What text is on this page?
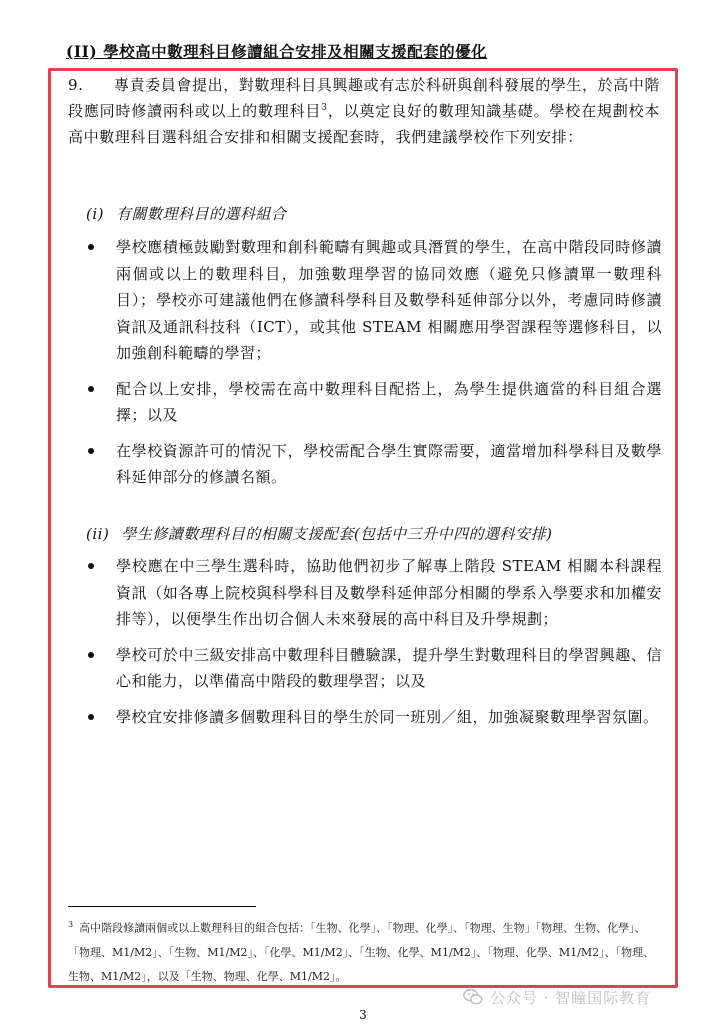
(II) 學校高中數理科目修讀組合安排及相關支援配套的優化
9. 專責委員會提出，對數理科目具興趣或有志於科研與創科發展的學生，於高中階段應同時修讀兩科或以上的數理科目$^3$，以奠定良好的數理知識基礎。學校在規劃校本高中數理科目選科組合安排和相關支援配套時，我們建議學校作下列安排：
(i) 有關數理科目的選科組合
學校應積極鼓勵對數理和創科範疇有興趣或具潛質的學生，在高中階段同時修讀兩個或以上的數理科目，加強數理學習的協同效應（避免只修讀單一數理科目）；學校亦可建議他們在修讀科學科目及數學科延伸部分以外，考慮同時修讀資訊及通訊科技科（ICT），或其他 STEAM 相關應用學習課程等選修科目，以加強創科範疇的學習；
配合以上安排，學校需在高中數理科目配搭上，為學生提供適當的科目組合選擇；以及
在學校資源許可的情況下，學校需配合學生實際需要，適當增加科學科目及數學科延伸部分的修讀名額。
(ii) 學生修讀數理科目的相關支援配套(包括中三升中四的選科安排)
學校應在中三學生選科時，協助他們初步了解專上階段 STEAM 相關本科課程資訊（如各專上院校與科學科目及數學科延伸部分相關的學系入學要求和加權安排等），以便學生作出切合個人未來發展的高中科目及升學規劃；
學校可於中三級安排高中數理科目體驗課，提升學生對數理科目的學習興趣、信心和能力，以準備高中階段的數理學習；以及
學校宜安排修讀多個數理科目的學生於同一班別／組，加強凝聚數理學習氛圍。
$^3$ 高中階段修讀兩個或以上數理科目的組合包括：「生物、化學」、「物理、化學」、「物理、生物」「物理、生物、化學」、「物理、M1/M2」、「生物、M1/M2」、「化學、M1/M2」、「生物、化學、M1/M2」、「物理、化學、M1/M2」、「物理、生物、M1/M2」，以及「生物、物理、化學、M1/M2」。
公众号 · 智瞳国际教育
3
